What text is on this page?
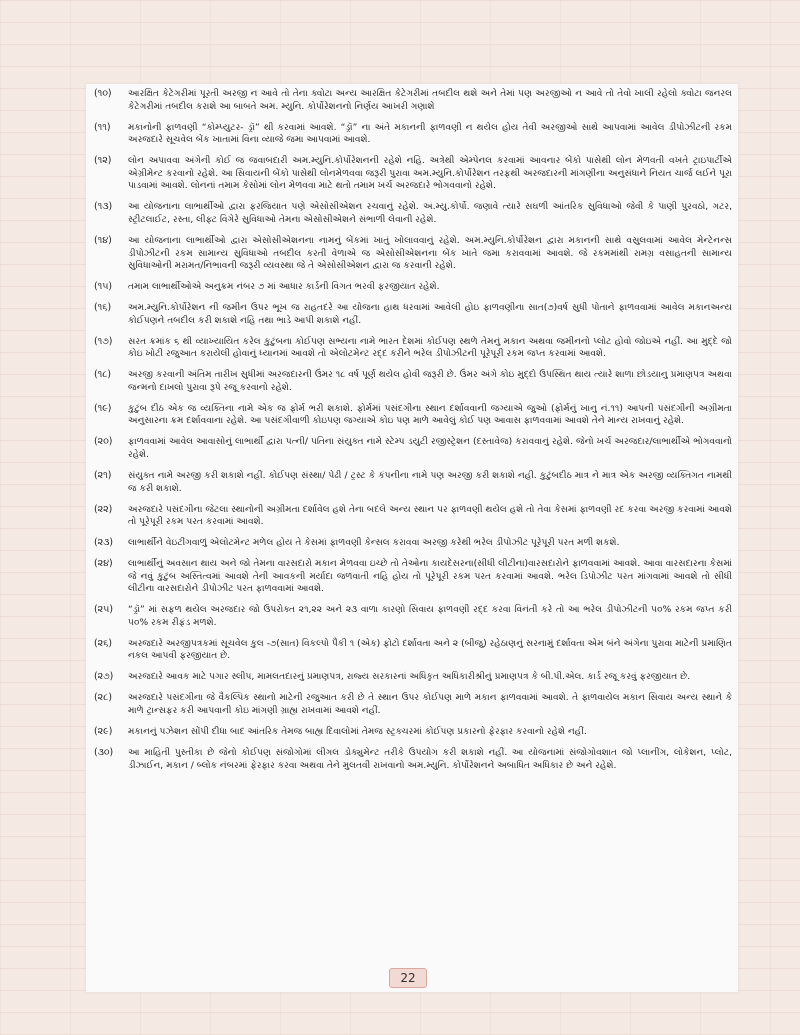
(૧૦)	આરક્ષિત કેટેગરીમાં પૂરતી અરજી ન આવે તો તેના ક્વોટા અન્ય આરક્ષિત કેટેગરીમાં તબદીલ થશે અને તેમાં પણ અરજીઓ ન આવે તો તેવો ખાલી રહેલો ક્વોટા જનરલ કેટેગરીમાં તબદીલ કરાશે આ બાબતે અમ. મ્યુનિ. કોર્પોરેશનનો નિર્ણય આખરી ગણાશે
(૧૧)	મકાનોની ફાળવણી “કોમ્પ્યુટર- ડ્રૉ” થી કરવામાં આવશે. “ડ્રૉ” ના અંતે મકાનની ફાળવણી ન થયેલ હોય તેવી અરજીઓ સાથે આપવામાં આવેલ ડીપોઝીટની રકમ અરજદારે સૂચવેલ બેંક ખાતામાં વિના વ્યાજે જમા આપવામાં આવશે.
(૧૨)	લોન અપાવવા અંગેની કોઈ જ જવાબદારી અમ.મ્યુનિ.કોર્પોરેશનની રહેશે નહિં. અત્રેથી એમ્પેનલ કરવામાં આવનાર બેંકો પાસેથી લોન મેળવતી વખતે ટ્રાઇપાર્ટીએ એગ્રીમેન્ટ કરવાનો રહેશે. આ સિવાયની બેંકો પાસેથી લોનમેળવવા જરૂરી પુરાવા અમ.મ્યુનિ.કોર્પોરેશન તરફથી અરજદારની માંગણીના અનુસંધાને નિયત ચાર્જ લઈને પૂરા પાડવામાં આવશે. લોનનાં તમામ કેસોમાં લોન મેળવવા માટે થતો તમામ ખર્ચ અરજદારે ભોગવવાનો રહેશે.
(૧૩)	આ યોજનાના લાભાર્થીઓ દ્વારા ફરજિયાત પણે એસોસીએશન રચવાનું રહેશે. અ.મ્યુ.કોર્પો. જણાવે ત્યારે સઘળી આંતરિક સુવિધાઓ જેવી કે પાણી પુરવઠો, ગટર, સ્ટ્રીટલાઈટ, રસ્તા, લીફ્ટ વિગેરે સુવિધાઓ તેમના એસોસીએશને સંભાળી લેવાની રહેશે.
(૧૪)	આ યોજનાના લાભાર્થીઓ દ્વારા એસોસીએશનના નામનું બેંકમાં ખાતું ખોલાવવાનું રહેશે. અમ.મ્યુનિ.કોર્પોરેશન દ્વારા મકાનની સાથે વસુલવામાં આવેલ મેન્ટેનન્સ ડીપોઝીટની રકમ સામાન્ય સુવિધાઓ તબદીલ કરતી વેળાએ જ એસોસીએશનના બેંક ખાતે જમા કરાવવામાં આવશે. જે રકમમાંથી રામગ્ર વસાહતની સામાન્ય સુવિધાઓની મરામત/નિભાવની જરૂરી વ્યવસ્થા જે તે એસોસીએશન દ્વારા જ કરવાની રહેશે.
(૧૫)	તમામ લાભાર્થીઓએ અનુક્રમ નંબર ૭ માં આધાર કાર્ડની વિગત ભરવી ફરજીયાત રહેશે.
(૧૬)	અમ.મ્યુનિ.કોર્પોરેશન ની જમીન ઉપર ભૂખ જ રાહતદરે આ યોજના હાથ ધરવામાં આવેલી હોઇ ફાળવણીના સાત(૭)વર્ષ સુધી પોતાને ફાળવવામાં આવેલ મકાનઅન્ય કોઈપણને તબદીલ કરી શકાશે નહિ તથા ભાડે આપી શકાશે નહીં.
(૧૭)	સરત ક્રમાંક ૬ થી વ્યાખ્યાયિત કરેલ કુટુંબના કોઈપણ સભ્યના નામે ભારત દેશમાં કોઈપણ સ્થળે તેમનું મકાન અથવા જમીનનો પ્લોટ હોવો જોઇએ નહીં. આ મુદ્દે જો કોઇ ખોટી રજુઆત કરાયેલી હોવાનું ધ્યાનમાં આવશે તો એલોટમેન્ટ રદ્દ કરીને ભરેલ ડીપોઝીટની પૂરેપૂરી રકમ જપ્ત કરવામાં આવશે.
(૧૮)	અરજી કરવાની અંતિમ તારીખ સુધીમાં અરજદારની ઉંમર ૧૮ વર્ષ પૂર્ણ થયેલ હોવી જરૂરી છે. ઉંમર અંગે કોઇ મુદ્દો ઉપસ્થિત થાય ત્યારે શાળા છોડયાનુ પ્રમાણપત્ર અથવા જન્મનો દાખલો પુરાવા રૂપે રજૂ કરવાનો રહેશે.
(૧૯)	કુટુંબ દીઠ એક જ વ્યક્તિના નામે એક જ ફોર્મ ભરી શકાશે. ફોર્મમાં પસંદગીના સ્થાન દર્શાવવાની જગ્યાએ જુઓ (ફોર્મનું ખાનુ નં.૧૧) આપની પસંદગીની અગ્રીમતા અનુસારના ક્રમ દર્શાવવાના રહેશે. આ પસંદગીવાળી કોઇપણ જગ્યાએ કોઇ પણ માળે આવેલું કોઈ પણ આવાસ ફાળવવામાં આવશે તેને માન્ય રાખવાનું રહેશે.
(૨૦)	ફાળવવામાં આવેલ આવાસોનું લાભાર્થી દ્વારા પત્ની/ પતિના સંયુક્ત નામે સ્ટેમ્પ ડયુટી રજીસ્ટ્રેશન (દસ્તાવેજ) કરાવવાનું રહેશે. જેનો ખર્ચ અરજદાર/લાભાર્થીએ ભોગવવાનો રહેશે.
(૨૧)	સંયુક્ત નામે અરજી કરી શકાશે નહીં. કોઈપણ સંસ્થા/ પેઢી / ટ્રસ્ટ કે કંપનીના નામે પણ અરજી કરી શકાશે નહી. કુટુંબદીઠ માત્ર ને માત્ર એક અરજી વ્યક્તિગત નામથી જ કરી શકાશે.
(૨૨)	અરજદારે પસંદગીના જેટલા સ્થાનોની અગ્રીમતા દર્શાવેલ હશે તેના બદલે અન્ય સ્થાન પર ફાળવણી થયેલ હશે તો તેવા કેસમાં ફાળવણી રદ કરવા અરજી કરવામાં આવશે તો પૂરેપૂરી રકમ પરત કરવામાં આવશે.
(૨૩)	લાભાર્થીને વેઇટીંગવાળું એલોટમેન્ટ મળેલ હોય તે કેસમાં ફાળવણી કેન્સલ કરાવવા અરજી કરેથી ભરેલ ડીપોઝીટ પૂરેપૂરી પરત મળી શકશે.
(૨૪)	લાભાર્થીનું અવસાન થાય અને જો તેમના વારસદારો મકાન મેળવવા ઇચ્છે તો તેઓના કાયદેસરના(સીધી લીટીના)વારસદારોને ફાળવવામાં આવશે. આવા વારસદારના કેસમાં જે નવું કુટુંબ અસ્તિત્વમાં આવશે તેની આવકની મર્યાદા જળવાતી નહિ હોય તો પૂરેપૂરી રકમ પરત કરવામાં આવશે. ભરેલ ડિપોઝીટ પરત માંગવામાં આવશે તો સીધી લીટીના વારસદારોને ડીપોઝીટ પરત ફાળવવામાં આવશે.
(૨૫)	“ડ્રૉ” માં સફળ થયેલ અરજદાર જો ઉપરોક્ત ૨૧,૨૨ અને ૨૩ વાળા કારણો સિવાય ફાળવણી રદ્દ કરવા વિનંતી કરે તો આ ભરેલ ડીપોઝીટની ૫૦% રકમ જપ્ત કરી ૫૦% રકમ રીફંડ મળશે.
(૨૬)	અરજદારે અરજીપત્રકમાં સૂચવેલ કુલ -૭(સાત) વિકલ્પો પૈકી ૧ (એક) ફોટો દર્શાવતા અને ૨ (બીજુ) રહેઠાણનું સરનામું દર્શાવતા એમ બંને અંગેના પુરાવા માટેની પ્રમાણિત નકલ આપવી ફરજીયાત છે.
(૨૭)	અરજદારે આવક માટે પગાર સ્લીપ, મામલતદારનું પ્રમાણપત્ર, રાજ્ય સરકારનાં અધિકૃત અધિકારીશ્રીનું પ્રમાણપત્ર કે બી.પી.એલ. કાર્ડ રજૂ કરવું ફરજીયાત છે.
(૨૮)	અરજદારે પસંદગીના જે વૈકલ્પિક સ્થાનો માટેની રજુઆત કરી છે તે સ્થાન ઉપર કોઈપણ માળે મકાન ફાળવવામાં આવશે. તે ફાળવાયેલ મકાન સિવાય અન્ય સ્થાને કે માળે ટ્રાન્સફર કરી આપવાની કોઇ માંગણી ગ્રાહ્ય રાખવામાં આવશે નહીં.
(૨૯)	મકાનનું પઝેશન સોંપી દીધા બાદ આંતરિક તેમજ બાહ્ય દિવાલોમાં તેમજ સ્ટ્રક્ચરમાં કોઈપણ પ્રકારનો ફેરફાર કરવાનો રહેશે નહીં.
(૩૦)	આ માહિતી પુસ્તીકા છે જેનો કોઈપણ સંજોગોમાં લીગલ ડોક્યુમેન્ટ તરીકે ઉપયોગ કરી શકાશે નહીં. આ યોજનામાં સંજોગોવશાત જો પ્લાનીંગ, લોકેશન, પ્લોટ, ડીઝાઈન, મકાન / બ્લોક નંબરમાં ફેરફાર કરવા અથવા તેને મુલતવી રાખવાનો અમ.મ્યુનિ. કોર્પોરેશનને અબાધિત અધિકાર છે અને રહેશે.
22
